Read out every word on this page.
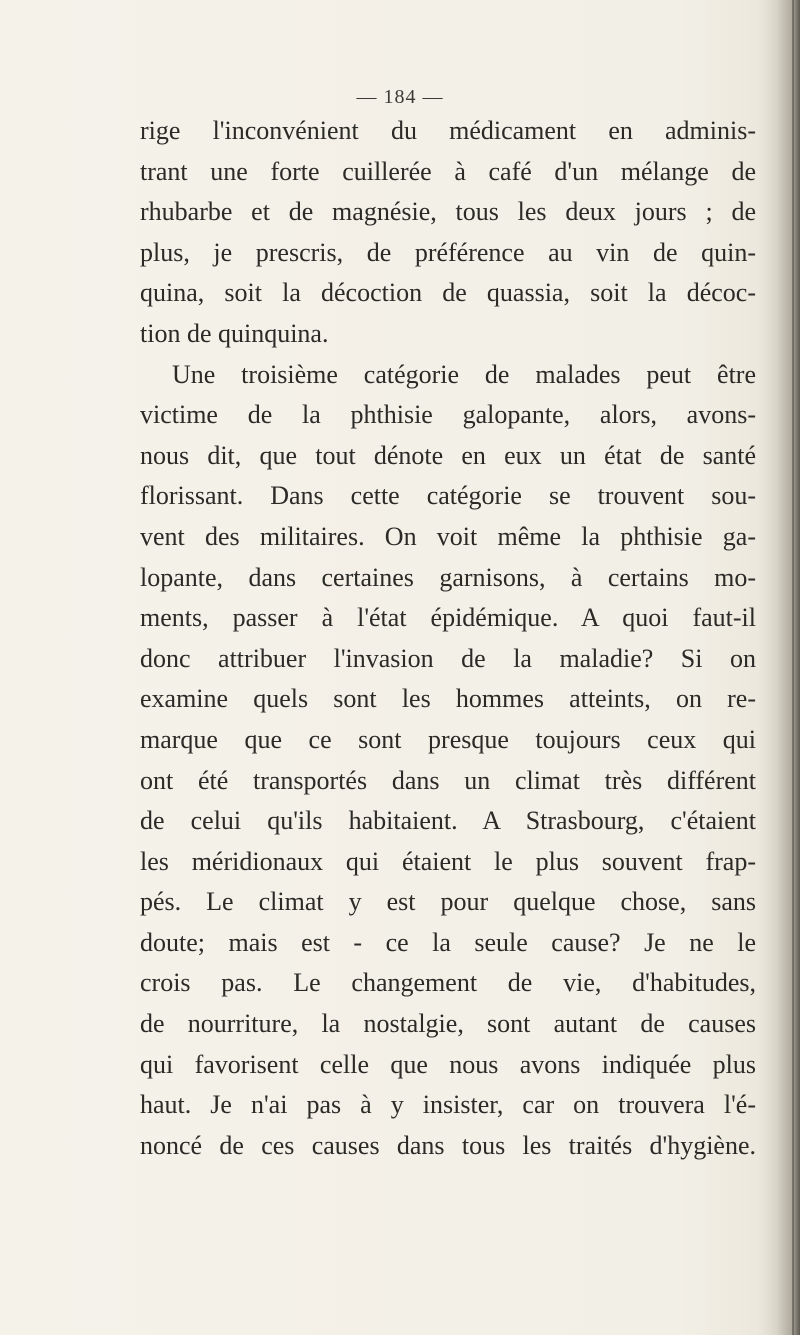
— 184 —
rige l'inconvénient du médicament en adminis-
trant une forte cuillerée à café d'un mélange de
rhubarbe et de magnésie, tous les deux jours ; de
plus, je prescris, de préférence au vin de quin-
quina, soit la décoction de quassia, soit la décoc-
tion de quinquina.
Une troisième catégorie de malades peut être
victime de la phthisie galopante, alors, avons-
nous dit, que tout dénote en eux un état de santé
florissant. Dans cette catégorie se trouvent sou-
vent des militaires. On voit même la phthisie ga-
lopante, dans certaines garnisons, à certains mo-
ments, passer à l'état épidémique. A quoi faut-il
donc attribuer l'invasion de la maladie? Si on
examine quels sont les hommes atteints, on re-
marque que ce sont presque toujours ceux qui
ont été transportés dans un climat très différent
de celui qu'ils habitaient. A Strasbourg, c'étaient
les méridionaux qui étaient le plus souvent frap-
pés. Le climat y est pour quelque chose, sans
doute; mais est - ce la seule cause? Je ne le
crois pas. Le changement de vie, d'habitudes,
de nourriture, la nostalgie, sont autant de causes
qui favorisent celle que nous avons indiquée plus
haut. Je n'ai pas à y insister, car on trouvera l'é-
noncé de ces causes dans tous les traités d'hygiène.
